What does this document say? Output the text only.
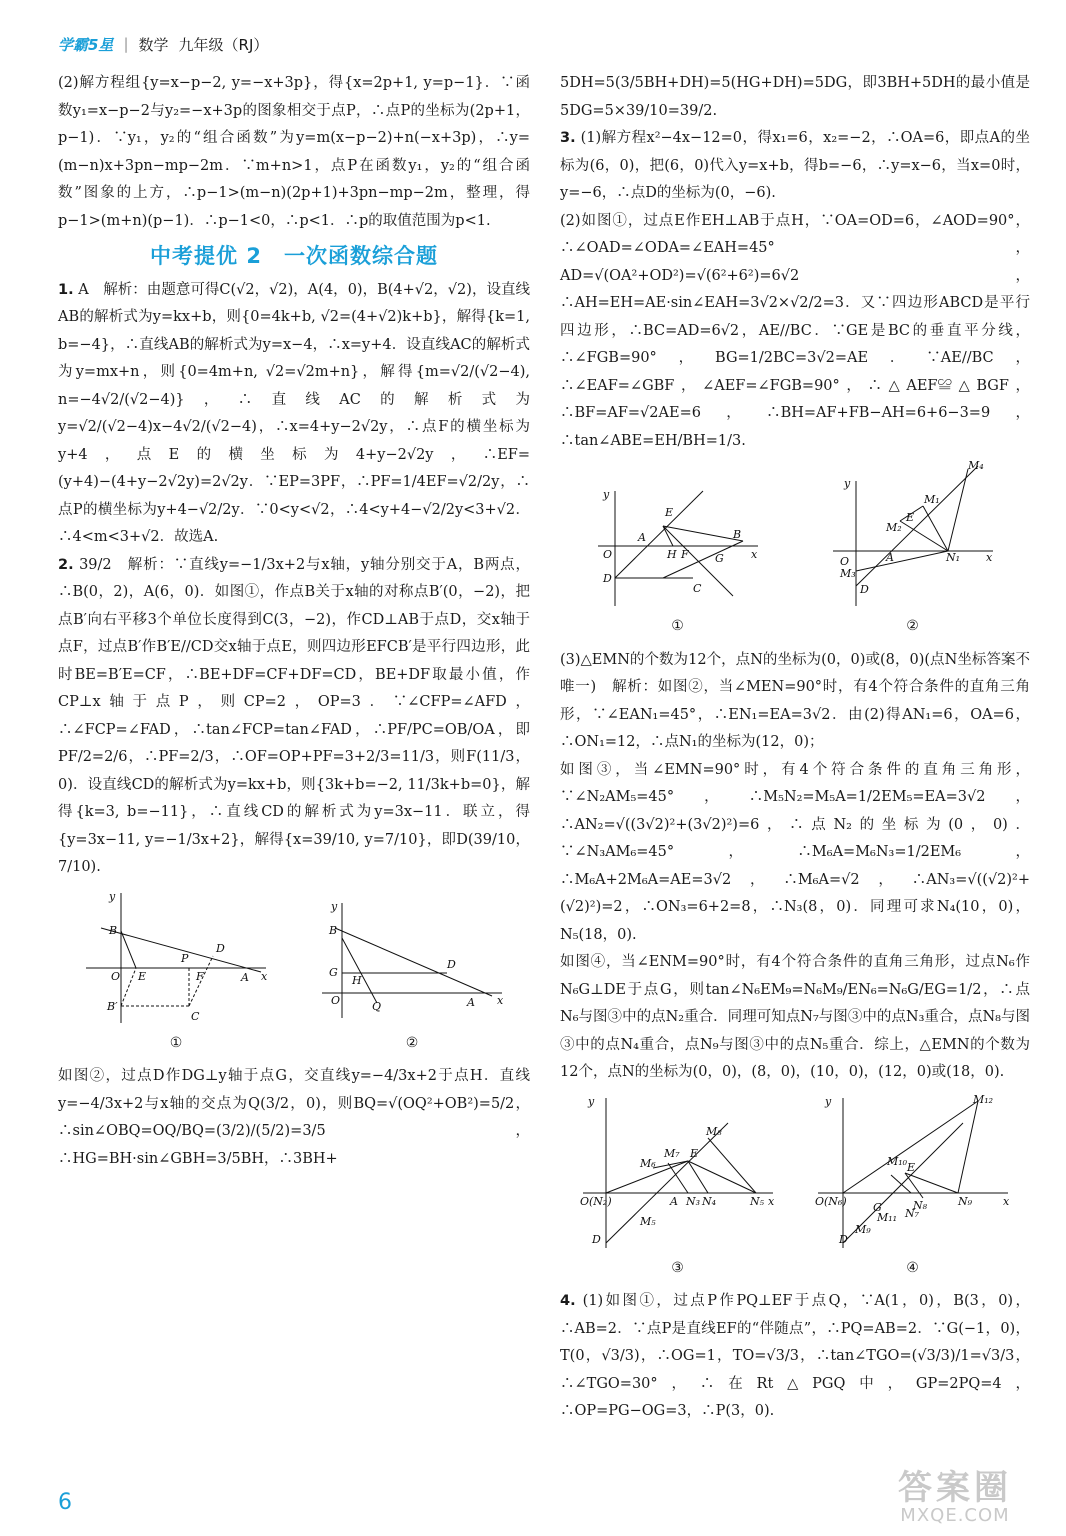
学霸5星 | 数学 九年级（RJ）

(2)解方程组{y=x−p−2, y=−x+3p}，得{x=2p+1, y=p−1}．∵函数y₁=x−p−2与y₂=−x+3p的图象相交于点P，∴点P的坐标为(2p+1，p−1)．∵y₁，y₂的“组合函数”为y=m(x−p−2)+n(−x+3p)，∴y=(m−n)x+3pn−mp−2m．∵m+n>1，点P在函数y₁，y₂的“组合函数”图象的上方，∴p−1>(m−n)(2p+1)+3pn−mp−2m，整理，得p−1>(m+n)(p−1)．∴p−1<0，∴p<1．∴p的取值范围为p<1.

中考提优 2　一次函数综合题

1. A　解析：由题意可得C(√2，√2)，A(4，0)，B(4+√2，√2)，设直线AB的解析式为y=kx+b，则{0=4k+b, √2=(4+√2)k+b}，解得{k=1, b=−4}，∴直线AB的解析式为y=x−4，∴x=y+4．设直线AC的解析式为y=mx+n，则{0=4m+n, √2=√2m+n}，解得{m=√2/(√2−4), n=−4√2/(√2−4)}，∴直线AC的解析式为y=√2/(√2−4)x−4√2/(√2−4)，∴x=4+y−2√2y，∴点F的横坐标为y+4，点E的横坐标为4+y−2√2y，∴EF=(y+4)−(4+y−2√2y)=2√2y．∵EP=3PF，∴PF=1/4EF=√2/2y，∴点P的横坐标为y+4−√2/2y．∵0<y<√2，∴4<y+4−√2/2y<3+√2．∴4<m<3+√2．故选A.

2. 39/2　解析：∵直线y=−1/3x+2与x轴，y轴分别交于A，B两点，∴B(0，2)，A(6，0)．如图①，作点B关于x轴的对称点B′(0，−2)，把点B′向右平移3个单位长度得到C(3，−2)，作CD⊥AB于点D，交x轴于点F，过点B′作B′E//CD交x轴于点E，则四边形EFCB′是平行四边形，此时BE=B′E=CF，∴BE+DF=CF+DF=CD，BE+DF取最小值，作CP⊥x轴于点P，则CP=2，OP=3．∵∠CFP=∠AFD，∴∠FCP=∠FAD，∴tan∠FCP=tan∠FAD，∴PF/PC=OB/OA，即PF/2=2/6，∴PF=2/3，∴OF=OP+PF=3+2/3=11/3，则F(11/3，0)．设直线CD的解析式为y=kx+b，则{3k+b=−2, 11/3k+b=0}，解得{k=3, b=−11}，∴直线CD的解析式为y=3x−11．联立，得{y=3x−11, y=−1/3x+2}，解得{x=39/10, y=7/10}，即D(39/10，7/10).

B
O E	F
P
D
A x
y
B′
C
①
B
G
H
O	Q
D
A x
y
②

如图②，过点D作DG⊥y轴于点G，交直线y=−4/3x+2于点H．直线y=−4/3x+2与x轴的交点为Q(3/2，0)，则BQ=√(OQ²+OB²)=5/2，∴sin∠OBQ=OQ/BQ=(3/2)/(5/2)=3/5，∴HG=BH·sin∠GBH=3/5BH，∴3BH+

5DH=5(3/5BH+DH)=5(HG+DH)=5DG，即3BH+5DH的最小值是5DG=5×39/10=39/2.

3. (1)解方程x²−4x−12=0，得x₁=6，x₂=−2，∴OA=6，即点A的坐标为(6，0)，把(6，0)代入y=x+b，得b=−6，∴y=x−6，当x=0时，y=−6，∴点D的坐标为(0，−6).

(2)如图①，过点E作EH⊥AB于点H，∵OA=OD=6，∠AOD=90°，∴∠OAD=∠ODA=∠EAH=45°，AD=√(OA²+OD²)=√(6²+6²)=6√2，∴AH=EH=AE·sin∠EAH=3√2×√2/2=3．又∵四边形ABCD是平行四边形，∴BC=AD=6√2，AE//BC．∵GE是BC的垂直平分线，∴∠FGB=90°，BG=1/2BC=3√2=AE．∵AE//BC，∴∠EAF=∠GBF，∠AEF=∠FGB=90°，∴△AEF≌△BGF，∴BF=AF=√2AE=6，∴BH=AF+FB−AH=6+6−3=9，∴tan∠ABE=EH/BH=1/3.

E
A
H F
B
G
O
D
C
x
y
①
M₄
M₁
M₂
E
A	N₁
O
M₃
D
x
y
②

(3)△EMN的个数为12个，点N的坐标为(0，0)或(8，0)(点N坐标答案不唯一)　解析：如图②，当∠MEN=90°时，有4个符合条件的直角三角形，∵∠EAN₁=45°，∴EN₁=EA=3√2．由(2)得AN₁=6，OA=6，∴ON₁=12，∴点N₁的坐标为(12，0)；

如图③，当∠EMN=90°时，有4个符合条件的直角三角形，∵∠N₂AM₅=45°，∴M₅N₂=M₅A=1/2EM₅=EA=3√2，∴AN₂=√((3√2)²+(3√2)²)=6，∴点N₂的坐标为(0，0)．∵∠N₃AM₆=45°，∴M₆A=M₆N₃=1/2EM₆，∴M₆A+2M₆A=AE=3√2，∴M₆A=√2，∴AN₃=√((√2)²+(√2)²)=2，∴ON₃=6+2=8，∴N₃(8，0)．同理可求N₄(10，0)，N₅(18，0).

如图④，当∠ENM=90°时，有4个符合条件的直角三角形，过点N₆作N₆G⊥DE于点G，则tan∠N₆EM₉=N₆M₉/EN₆=N₆G/EG=1/2，∴点N₆与图③中的点N₂重合．同理可知点N₇与图③中的点N₃重合，点N₈与图③中的点N₄重合，点N₉与图③中的点N₅重合．综上，△EMN的个数为12个，点N的坐标为(0，0)，(8，0)，(10，0)，(12，0)或(18，0).

y
M₈
M₆
M₇ E
A N₃ N₄	N₅
O(N₂)
M₅
D
x
③
y	M₁₂
M₁₀ E
O(N₆)	N₈	N₉
G
M₁₁
M₉
N₇
x
D
④

4. (1)如图①，过点P作PQ⊥EF于点Q，∵A(1，0)，B(3，0)，∴AB=2．∵点P是直线EF的“伴随点”，∴PQ=AB=2．∵G(−1，0)，T(0，√3/3)，∴OG=1，TO=√3/3，∴tan∠TGO=(√3/3)/1=√3/3，∴∠TGO=30°，∴在Rt△PGQ中，GP=2PQ=4，∴OP=PG−OG=3，∴P(3，0).

6	答案圈
MXQE.COM
